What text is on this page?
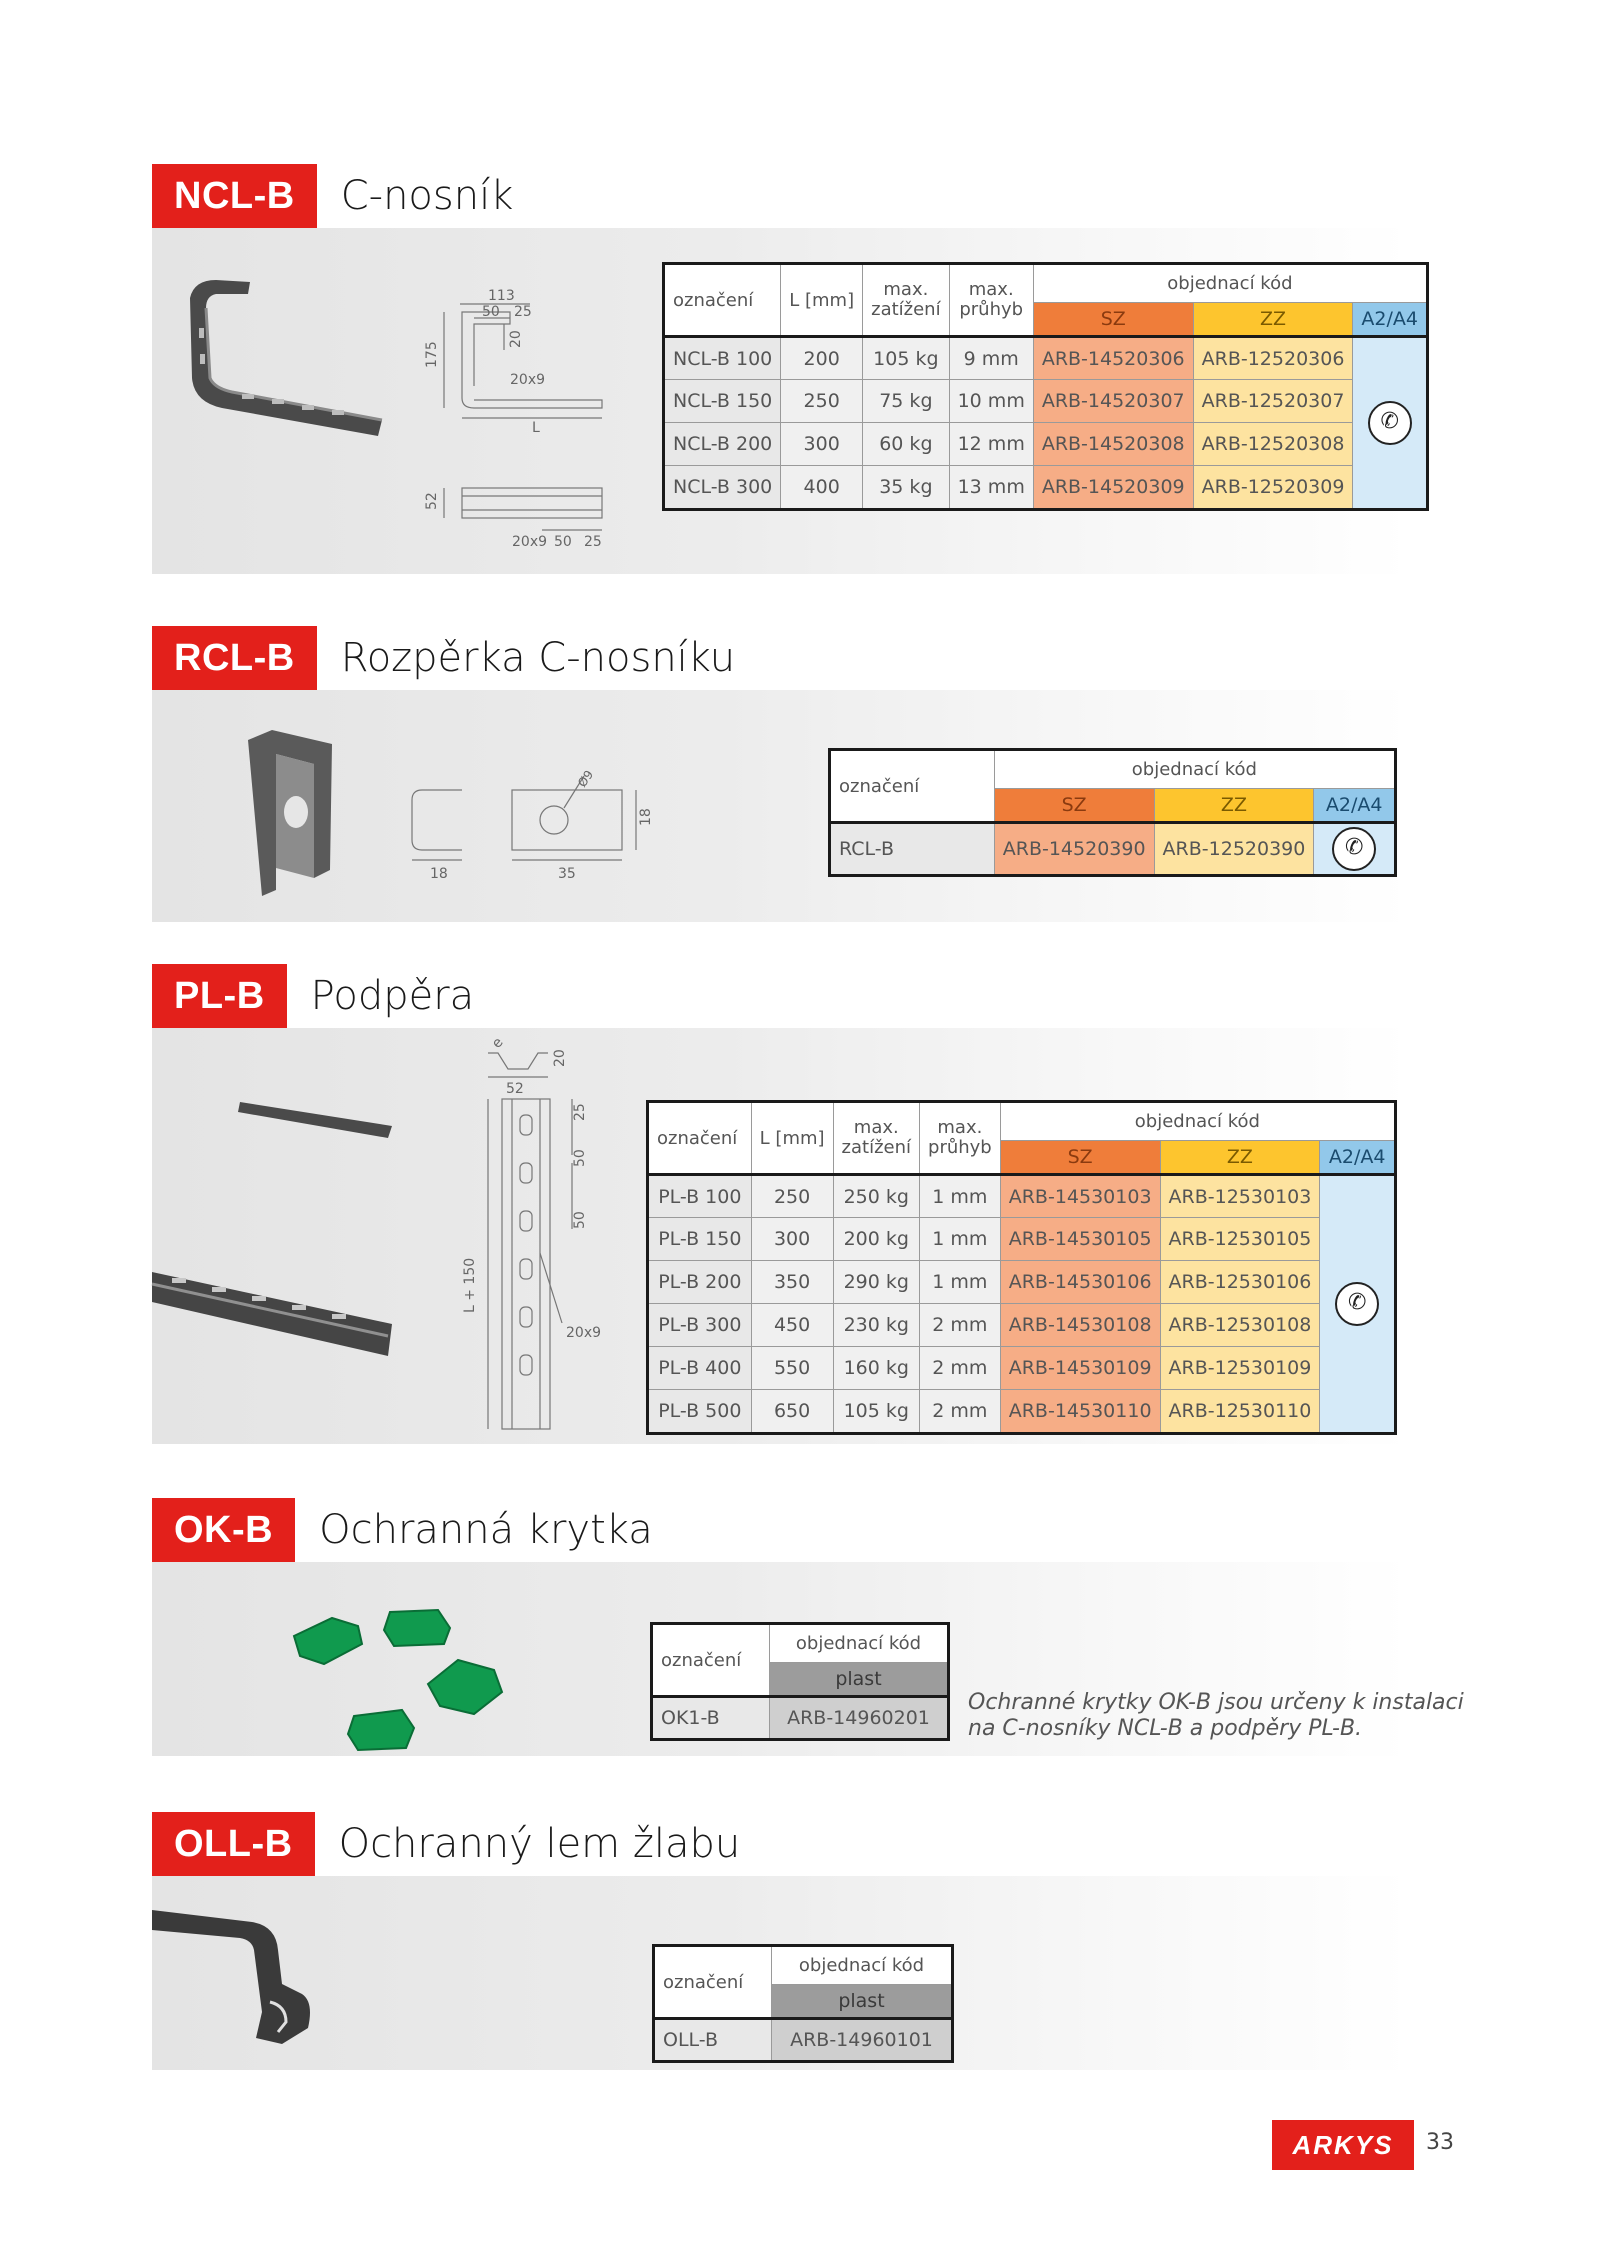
NCL-B	C-nosník
113
50 25
175
20
20x9
L
52
20x9 50 25
označení	L [mm]	max. zatížení	max. průhyb	objednací kód		
				SZ	ZZ	A2/A4
NCL-B 100	200	105 kg	9 mm	ARB-14520306	ARB-12520306	✆
NCL-B 150	250	75 kg	10 mm	ARB-14520307	ARB-12520307	
NCL-B 200	300	60 kg	12 mm	ARB-14520308	ARB-12520308	
NCL-B 300	400	35 kg	13 mm	ARB-14520309	ARB-12520309	
RCL-B	Rozpěrka C-nosníku
18	35
18
Ø9	označení	objednací kód		
	SZ	ZZ	A2/A4
RCL-B	ARB-14520390	ARB-12520390	✆
PL-B	Podpěra
52
20
e
25
50
50
L + 150
20x9
označení	L [mm]	max. zatížení	max. průhyb	objednací kód		
				SZ	ZZ	A2/A4
PL-B 100	250	250 kg	1 mm	ARB-14530103	ARB-12530103	✆
PL-B 150	300	200 kg	1 mm	ARB-14530105	ARB-12530105	
PL-B 200	350	290 kg	1 mm	ARB-14530106	ARB-12530106	
PL-B 300	450	230 kg	2 mm	ARB-14530108	ARB-12530108	
PL-B 400	550	160 kg	2 mm	ARB-14530109	ARB-12530109	
PL-B 500	650	105 kg	2 mm	ARB-14530110	ARB-12530110	
OK-B	Ochranná krytka
označení	objednací kód
	plast
OK1-B	ARB-14960201
Ochranné krytky OK-B jsou určeny k instalaci
na C-nosníky NCL-B a podpěry PL-B.
OLL-B	Ochranný lem žlabu
označení	objednací kód
	plast
OLL-B	ARB-14960101
ARKYS	33
